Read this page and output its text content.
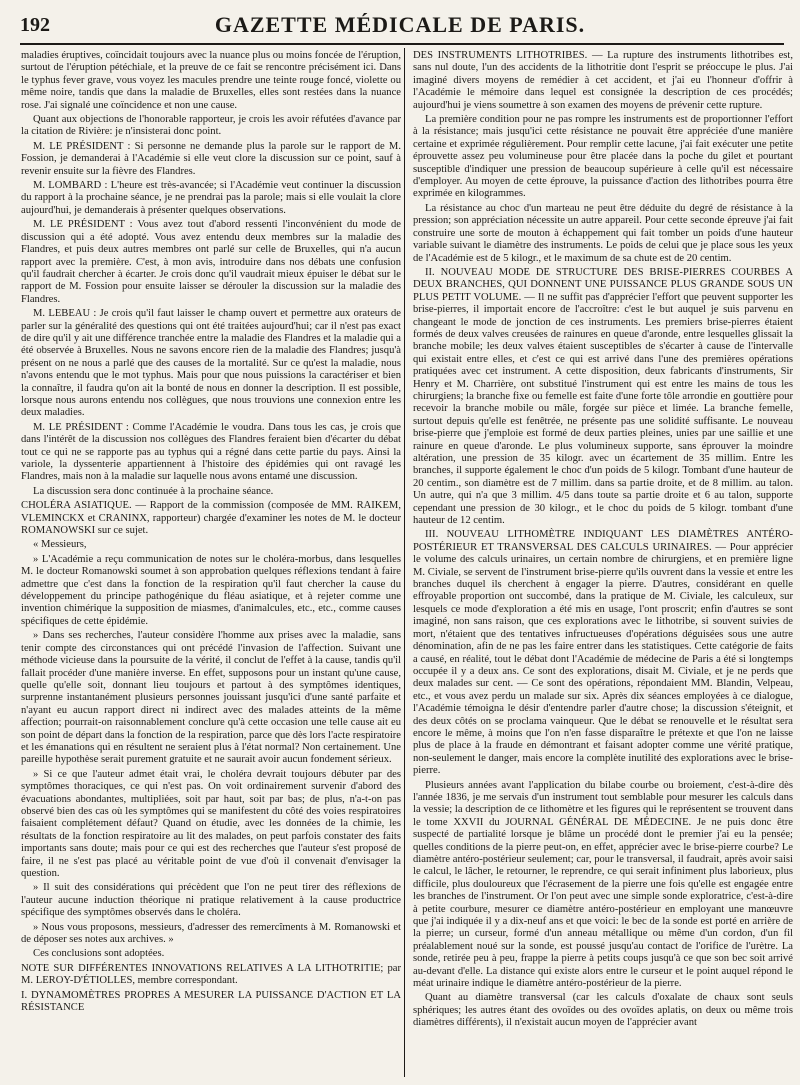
192	GAZETTE MÉDICALE DE PARIS.

maladies éruptives, coïncidait toujours avec la nuance plus ou moins foncée de l'éruption, surtout de l'éruption pétéchiale, et la preuve de ce fait se rencontre précisément ici. Dans le typhus fever grave, vous voyez les macules prendre une teinte rouge foncé, violette ou même noire, tandis que dans la maladie de Bruxelles, elles sont restées dans la nuance rose. J'ai signalé une coïncidence et non une cause.

Quant aux objections de l'honorable rapporteur, je crois les avoir réfutées d'avance par la citation de Rivière: je n'insisterai donc point.

M. LE PRÉSIDENT : Si personne ne demande plus la parole sur le rapport de M. Fossion, je demanderai à l'Académie si elle veut clore la discussion sur ce point, sauf à revenir ensuite sur la fièvre des Flandres.

M. LOMBARD : L'heure est très-avancée; si l'Académie veut continuer la discussion du rapport à la prochaine séance, je ne prendrai pas la parole; mais si elle voulait la clore aujourd'hui, je demanderais à présenter quelques observations.

M. LE PRÉSIDENT : Vous avez tout d'abord ressenti l'inconvénient du mode de discussion qui a été adopté. Vous avez entendu deux membres sur la maladie des Flandres, et puis deux autres membres ont parlé sur celle de Bruxelles, qui n'a aucun rapport avec la première. C'est, à mon avis, introduire dans nos débats une confusion qu'il faudrait chercher à écarter. Je crois donc qu'il vaudrait mieux épuiser le débat sur le rapport de M. Fossion pour ensuite laisser se dérouler la discussion sur la maladie des Flandres.

M. LEBEAU : Je crois qu'il faut laisser le champ ouvert et permettre aux orateurs de parler sur la généralité des questions qui ont été traitées aujourd'hui; car il n'est pas exact de dire qu'il y ait une différence tranchée entre la maladie des Flandres et la maladie qui a été observée à Bruxelles. Nous ne savons encore rien de la maladie des Flandres; jusqu'à présent on ne nous a parlé que des causes de la mortalité. Sur ce qu'est la maladie, nous n'avons entendu que le mot typhus. Mais pour que nous puissions la caractériser et bien la connaître, il faudra qu'on ait la bonté de nous en donner la description. Il est possible, lorsque nous aurons entendu nos collègues, que nous trouvions une connexion entre les deux maladies.

M. LE PRÉSIDENT : Comme l'Académie le voudra. Dans tous les cas, je crois que dans l'intérêt de la discussion nos collègues des Flandres feraient bien d'écarter du débat tout ce qui ne se rapporte pas au typhus qui a régné dans cette partie du pays. Ainsi la variole, la dyssenterie appartiennent à l'histoire des épidémies qui ont ravagé les Flandres, mais non à la maladie sur laquelle nous avons entamé une discussion.

La discussion sera donc continuée à la prochaine séance.

CHOLÉRA ASIATIQUE. — Rapport de la commission (composée de MM. RAIKEM, VLEMINCKX et CRANINX, rapporteur) chargée d'examiner les notes de M. le docteur ROMANOWSKI sur ce sujet.

« Messieurs,

» L'Académie a reçu communication de notes sur le choléra-morbus, dans lesquelles M. le docteur Romanowski soumet à son approbation quelques réflexions tendant à faire admettre que c'est dans la fonction de la respiration qu'il faut chercher la cause du développement du principe pathogénique du fléau asiatique, et à rejeter comme une invention chimérique la supposition de miasmes, d'animalcules, etc., etc., comme causes spécifiques de cette épidémie.

» Dans ses recherches, l'auteur considère l'homme aux prises avec la maladie, sans tenir compte des circonstances qui ont précédé l'invasion de l'affection. Suivant une méthode vicieuse dans la poursuite de la vérité, il conclut de l'effet à la cause, tandis qu'il fallait procéder d'une manière inverse. En effet, supposons pour un instant qu'une cause, quelle qu'elle soit, donnant lieu toujours et partout à des symptômes identiques, surprenne instantanément plusieurs personnes jouissant jusqu'ici d'une santé parfaite et n'ayant eu aucun rapport direct ni indirect avec des malades atteints de la même affection; pourrait-on raisonnablement conclure qu'à cette occasion une telle cause ait eu son point de départ dans la fonction de la respiration, parce que dès lors l'acte respiratoire et les émanations qui en résultent ne seraient plus à l'état normal? Non certainement. Une pareille hypothèse serait purement gratuite et ne saurait avoir aucun fondement sérieux.

» Si ce que l'auteur admet était vrai, le choléra devrait toujours débuter par des symptômes thoraciques, ce qui n'est pas. On voit ordinairement survenir d'abord des évacuations abondantes, multipliées, soit par haut, soit par bas; de plus, n'a-t-on pas observé bien des cas où les symptômes qui se manifestent du côté des voies respiratoires faisaient complétement défaut? Quand on étudie, avec les données de la chimie, les résultats de la fonction respiratoire au lit des malades, on peut parfois constater des faits importants sans doute; mais pour ce qui est des recherches que l'auteur s'est proposé de faire, il ne s'est pas placé au véritable point de vue d'où il convenait d'envisager la question.

» Il suit des considérations qui précèdent que l'on ne peut tirer des réflexions de l'auteur aucune induction théorique ni pratique relativement à la cause productrice spécifique des symptômes observés dans le choléra.

» Nous vous proposons, messieurs, d'adresser des remercîments à M. Romanowski et de déposer ses notes aux archives. »

Ces conclusions sont adoptées.

NOTE SUR DIFFÉRENTES INNOVATIONS RELATIVES A LA LITHOTRITIE; par M. LEROY-D'ÉTIOLLES, membre correspondant.

I. DYNAMOMÈTRES PROPRES A MESURER LA PUISSANCE D'ACTION ET LA RÉSISTANCE

DES INSTRUMENTS LITHOTRIBES. — La rupture des instruments lithotribes est, sans nul doute, l'un des accidents de la lithotritie dont l'esprit se préoccupe le plus. J'ai imaginé divers moyens de remédier à cet accident, et j'ai eu l'honneur d'offrir à l'Académie le mémoire dans lequel est consignée la description de ces procédés; aujourd'hui je viens soumettre à son examen des moyens de prévenir cette rupture.

La première condition pour ne pas rompre les instruments est de proportionner l'effort à la résistance; mais jusqu'ici cette résistance ne pouvait être appréciée d'une manière certaine et exprimée régulièrement. Pour remplir cette lacune, j'ai fait exécuter une petite éprouvette assez peu volumineuse pour être placée dans la poche du gilet et pourtant susceptible d'indiquer une pression de beaucoup supérieure à celle qu'il est nécessaire d'employer. Au moyen de cette éprouve, la puissance d'action des lithotribes pourra être exprimée en kilogrammes.

La résistance au choc d'un marteau ne peut être déduite du degré de résistance à la pression; son appréciation nécessite un autre appareil. Pour cette seconde épreuve j'ai fait construire une sorte de mouton à échappement qui fait tomber un poids d'une hauteur variable suivant le diamètre des instruments. Le poids de celui que je place sous les yeux de l'Académie est de 5 kilogr., et le maximum de sa chute est de 20 centim.

II. NOUVEAU MODE DE STRUCTURE DES BRISE-PIERRES COURBES A DEUX BRANCHES, QUI DONNENT UNE PUISSANCE PLUS GRANDE SOUS UN PLUS PETIT VOLUME. — Il ne suffit pas d'apprécier l'effort que peuvent supporter les brise-pierres, il importait encore de l'accroître: c'est le but auquel je suis parvenu en changeant le mode de jonction de ces instruments. Les premiers brise-pierres étaient formés de deux valves creusées de rainures en queue d'aronde, entre lesquelles glissait la branche mobile; les deux valves étaient susceptibles de s'écarter à cause de l'intervalle qui existait entre elles, et c'est ce qui est arrivé dans l'une des premières opérations pratiquées avec cet instrument. A cette disposition, deux fabricants d'instruments, Sir Henry et M. Charrière, ont substitué l'instrument qui est entre les mains de tous les chirurgiens; la branche fixe ou femelle est faite d'une forte tôle arrondie en gouttière pour recevoir la branche mobile ou mâle, forgée sur pièce et limée. La branche femelle, surtout depuis qu'elle est fenêtrée, ne présente pas une solidité suffisante. Le nouveau brise-pierre que j'emploie est formé de deux parties pleines, unies par une saillie et une rainure en queue d'aronde. Le plus volumineux supporte, sans éprouver la moindre altération, une pression de 35 kilogr. avec un écartement de 35 millim. Entre les branches, il supporte également le choc d'un poids de 5 kilogr. Tombant d'une hauteur de 20 centim., son diamètre est de 7 millim. dans sa partie droite, et de 8 millim. au talon. Un autre, qui n'a que 3 millim. 4/5 dans toute sa partie droite et 6 au talon, supporte cependant une pression de 30 kilogr., et le choc du poids de 5 kilogr. tombant d'une hauteur de 12 centim.

III. NOUVEAU LITHOMÈTRE INDIQUANT LES DIAMÈTRES ANTÉRO-POSTÉRIEUR ET TRANSVERSAL DES CALCULS URINAIRES. — Pour apprécier le volume des calculs urinaires, un certain nombre de chirurgiens, et en première ligne M. Civiale, se servent de l'instrument brise-pierre qu'ils ouvrent dans la vessie et entre les branches duquel ils cherchent à engager la pierre. D'autres, considérant en quelle effroyable proportion ont succombé, dans la pratique de M. Civiale, les calculeux, sur lesquels ce mode d'exploration a été mis en usage, l'ont proscrit; enfin d'autres se sont imaginé, non sans raison, que ces explorations avec le lithotribe, si souvent suivies de mort, n'étaient que des tentatives infructueuses d'opérations déguisées sous une autre dénomination, afin de ne pas les faire entrer dans les statistiques. Cette catégorie de faits a causé, en réalité, tout le débat dont l'Académie de médecine de Paris a été si longtemps occupée il y a deux ans. Ce sont des explorations, disait M. Civiale, et je ne perds que deux malades sur cent. — Ce sont des opérations, répondaient MM. Blandin, Velpeau, etc., et vous avez perdu un malade sur six. Après dix séances employées à ce dialogue, l'Académie témoigna le désir d'entendre parler d'autre chose; la discussion s'éteignit, et des deux côtés on se proclama vainqueur. Que le débat se renouvelle et le résultat sera encore le même, à moins que l'on n'en fasse disparaître le prétexte et que l'on ne laisse plus de place à la fraude en démontrant et faisant adopter comme une vérité pratique, non-seulement le danger, mais encore la complète inutilité des explorations avec le brise-pierre.

Plusieurs années avant l'application du bilabe courbe ou broiement, c'est-à-dire dès l'année 1836, je me servais d'un instrument tout semblable pour mesurer les calculs dans la vessie; la description de ce lithomètre et les figures qui le représentent se trouvent dans le tome XXVII du JOURNAL GÉNÉRAL DE MÉDECINE. Je ne puis donc être suspecté de partialité lorsque je blâme un procédé dont le premier j'ai eu la pensée; quelles conditions de la pierre peut-on, en effet, apprécier avec le brise-pierre courbe? Le diamètre antéro-postérieur seulement; car, pour le transversal, il faudrait, après avoir saisi le calcul, le lâcher, le retourner, le reprendre, ce qui serait infiniment plus laborieux, plus difficile, plus douloureux que l'écrasement de la pierre une fois qu'elle est engagée entre les branches de l'instrument. Or l'on peut avec une simple sonde exploratrice, c'est-à-dire à petite courbure, mesurer ce diamètre antéro-postérieur en employant une manœuvre que j'ai indiquée il y a dix-neuf ans et que voici: le bec de la sonde est porté en arrière de la pierre; un curseur, formé d'un anneau métallique ou même d'un cordon, d'un fil préalablement noué sur la sonde, est poussé jusqu'au contact de l'orifice de l'urètre. La sonde, retirée peu à peu, frappe la pierre à petits coups jusqu'à ce que son bec soit arrivé au-devant d'elle. La distance qui existe alors entre le curseur et le point auquel répond le méat urinaire indique le diamètre antéro-postérieur de la pierre.

Quant au diamètre transversal (car les calculs d'oxalate de chaux sont seuls sphériques; les autres étant des ovoïdes ou des ovoïdes aplatis, on deux ou même trois diamètres différents), il n'existait aucun moyen de l'apprécier avant
